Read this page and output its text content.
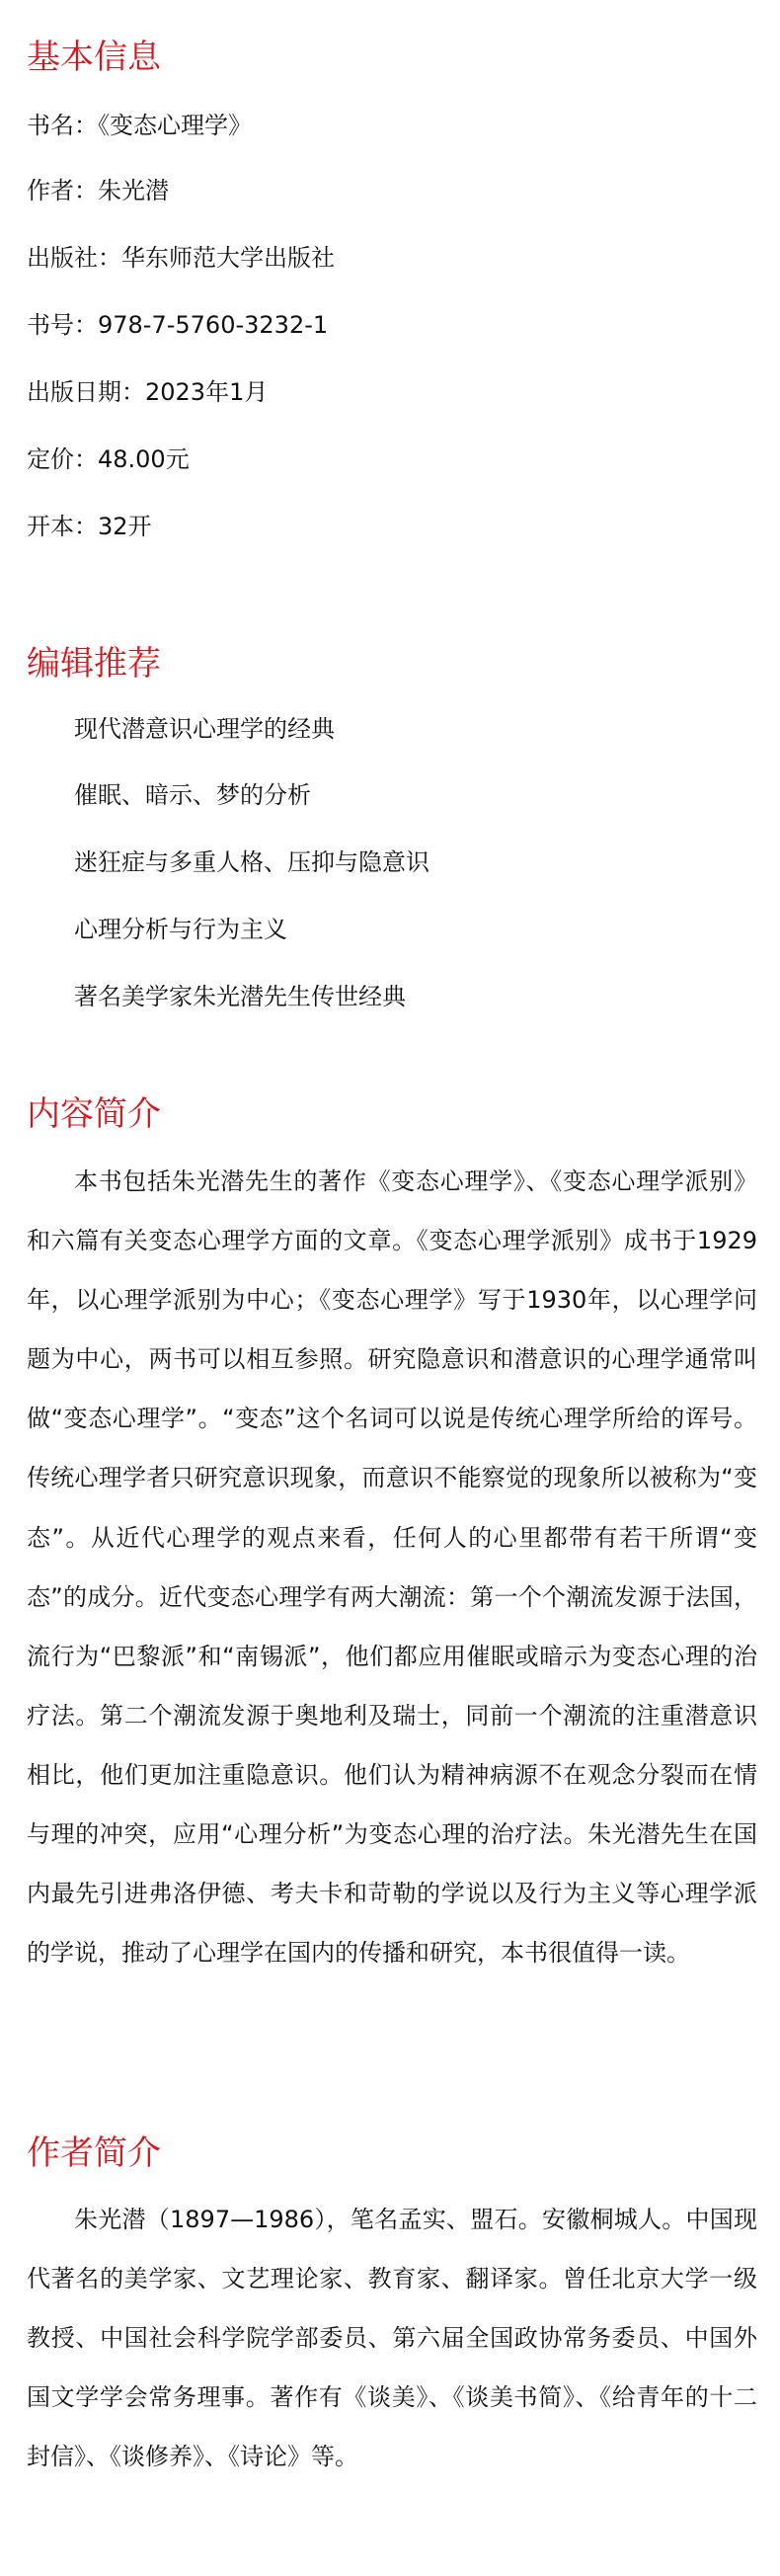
基本信息
书名：《变态心理学》
作者：朱光潜
出版社：华东师范大学出版社
书号：978-7-5760-3232-1
出版日期：2023年1月
定价：48.00元
开本：32开
编辑推荐
现代潜意识心理学的经典
催眠、暗示、梦的分析
迷狂症与多重人格、压抑与隐意识
心理分析与行为主义
著名美学家朱光潜先生传世经典
内容简介

本书包括朱光潜先生的著作《变态心理学》、《变态心理学派别》和六篇有关变态心理学方面的文章。《变态心理学派别》成书于1929年，以心理学派别为中心；《变态心理学》写于1930年，以心理学问题为中心，两书可以相互参照。研究隐意识和潜意识的心理学通常叫做“变态心理学”。“变态”这个名词可以说是传统心理学所给的诨号。传统心理学者只研究意识现象，而意识不能察觉的现象所以被称为“变态”。从近代心理学的观点来看，任何人的心里都带有若干所谓“变态”的成分。近代变态心理学有两大潮流：第一个个潮流发源于法国，流行为“巴黎派”和“南锡派”，他们都应用催眠或暗示为变态心理的治疗法。第二个潮流发源于奥地利及瑞士，同前一个潮流的注重潜意识相比，他们更加注重隐意识。他们认为精神病源不在观念分裂而在情与理的冲突，应用“心理分析”为变态心理的治疗法。朱光潜先生在国内最先引进弗洛伊德、考夫卡和苛勒的学说以及行为主义等心理学派的学说，推动了心理学在国内的传播和研究，本书很值得一读。

作者简介

朱光潜（1897—1986），笔名孟实、盟石。安徽桐城人。中国现代著名的美学家、文艺理论家、教育家、翻译家。曾任北京大学一级教授、中国社会科学院学部委员、第六届全国政协常务委员、中国外国文学学会常务理事。著作有《谈美》、《谈美书简》、《给青年的十二封信》、《谈修养》、《诗论》等。
